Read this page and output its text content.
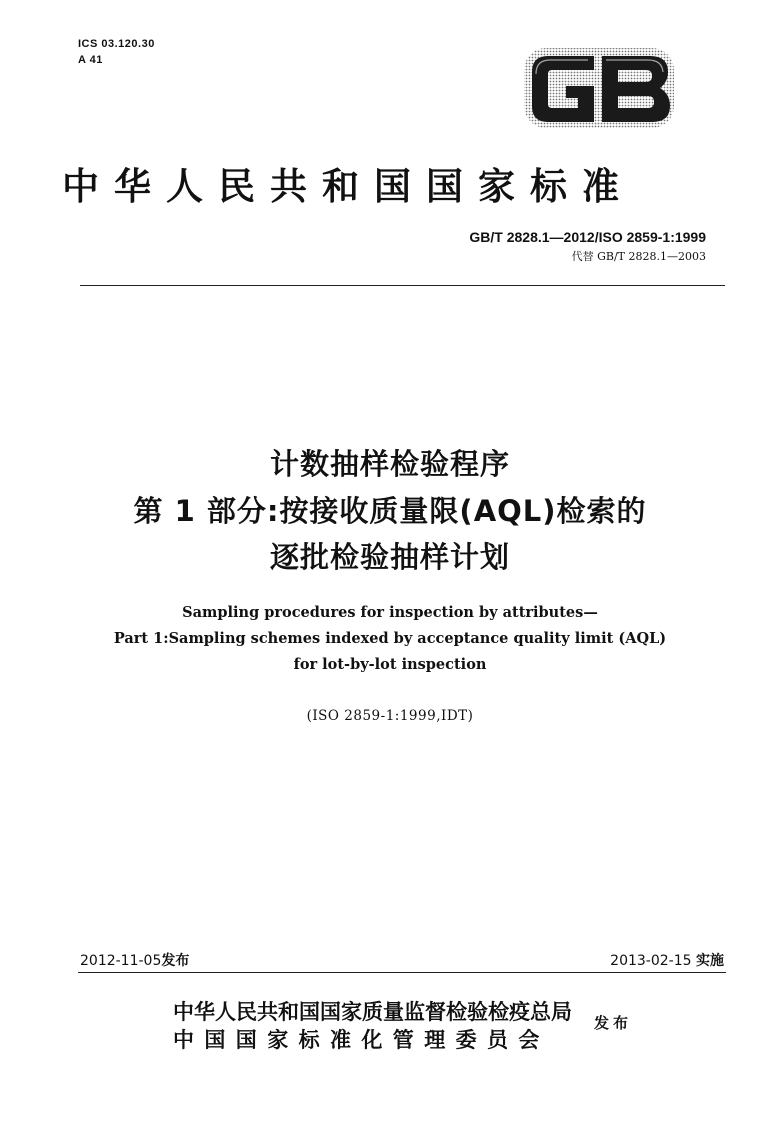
ICS 03.120.30
A 41
中华人民共和国国家标准
GB/T 2828.1—2012/ISO 2859-1:1999
代替 GB/T 2828.1—2003
计数抽样检验程序
第 1 部分:按接收质量限(AQL)检索的
逐批检验抽样计划
Sampling procedures for inspection by attributes—
Part 1:Sampling schemes indexed by acceptance quality limit (AQL)
for lot-by-lot inspection
(ISO 2859-1:1999,IDT)
2012-11-05发布	2013-02-15 实施
中华人民共和国国家质量监督检验检疫总局
中国国家标准化管理委员会
发布
